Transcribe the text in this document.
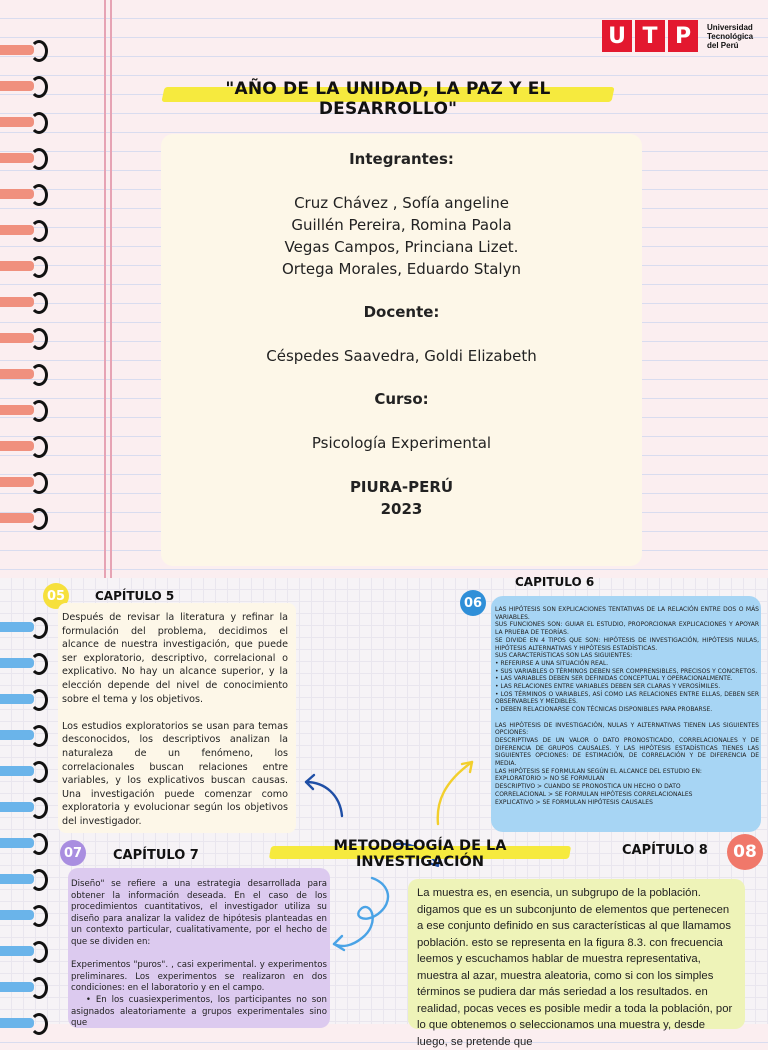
U T P	Universidad
Tecnológica
del Perú
"AÑO DE LA UNIDAD, LA PAZ Y EL DESARROLLO"

Integrantes:

Cruz Chávez , Sofía angeline

Guillén Pereira, Romina Paola

Vegas Campos, Princiana Lizet.

Ortega Morales, Eduardo Stalyn

Docente:

Céspedes Saavedra, Goldi Elizabeth

Curso:

Psicología Experimental

PIURA-PERÚ

2023

05	CAPÍTULO 5

Después de revisar la literatura y refinar la formulación del problema, decidimos el alcance de nuestra investigación, que puede ser exploratorio, descriptivo, correlacional o explicativo. No hay un alcance superior, y la elección depende del nivel de conocimiento sobre el tema y los objetivos.

Los estudios exploratorios se usan para temas desconocidos, los descriptivos analizan la naturaleza de un fenómeno, los correlacionales buscan relaciones entre variables, y los explicativos buscan causas. Una investigación puede comenzar como exploratoria y evolucionar según los objetivos del investigador.

CAPITULO 6

LAS HIPÓTESIS SON EXPLICACIONES TENTATIVAS DE LA RELACIÓN ENTRE DOS O MÁS VARIABLES.

SUS FUNCIONES SON: GUIAR EL ESTUDIO, PROPORCIONAR EXPLICACIONES Y APOYAR LA PRUEBA DE TEORÍAS.

SE DIVIDE EN 4 TIPOS QUE SON: HIPÓTESIS DE INVESTIGACIÓN, HIPÓTESIS NULAS, HIPÓTESIS ALTERNATIVAS Y HIPÓTESIS ESTADÍSTICAS.

SUS CARACTERÍSTICAS SON LAS SIGUIENTES:

• REFERIRSE A UNA SITUACIÓN REAL.

• SUS VARIABLES O TÉRMINOS DEBEN SER COMPRENSIBLES, PRECISOS Y CONCRETOS.

• LAS VARIABLES DEBEN SER DEFINIDAS CONCEPTUAL Y OPERACIONALMENTE.

• LAS RELACIONES ENTRE VARIABLES DEBEN SER CLARAS Y VEROSÍMILES.

• LOS TÉRMINOS O VARIABLES, ASÍ COMO LAS RELACIONES ENTRE ELLAS, DEBEN SER OBSERVABLES Y MEDIBLES.

• DEBEN RELACIONARSE CON TÉCNICAS DISPONIBLES PARA PROBARSE.

LAS HIPÓTESIS DE INVESTIGACIÓN, NULAS Y ALTERNATIVAS TIENEN LAS SIGUIENTES OPCIONES:

DESCRIPTIVAS DE UN VALOR O DATO PRONOSTICADO, CORRELACIONALES Y DE DIFERENCIA DE GRUPOS CAUSALES. Y LAS HIPÓTESIS ESTADÍSTICAS TIENES LAS SIGUIENTES OPCIONES: DE ESTIMACIÓN, DE CORRELACIÓN Y DE DIFERENCIA DE MEDIA.

LAS HIPÓTESIS SE FORMULAN SEGÚN EL ALCANCE DEL ESTUDIO EN:

EXPLORATORIO > NO SE FORMULAN

DESCRIPTIVO > CUANDO SE PRONOSTICA UN HECHO O DATO

CORRELACIONAL > SE FORMULAN HIPÓTESIS CORRELACIONALES

EXPLICATIVO > SE FORMULAN HIPÓTESIS CAUSALES

06
METODOLOGÍA DE LA INVESTIGACIÓN
07	CAPÍTULO 7

Diseño" se refiere a una estrategia desarrollada para obtener la información deseada. En el caso de los procedimientos cuantitativos, el investigador utiliza su diseño para analizar la validez de hipótesis planteadas en un contexto particular, cualitativamente, por el hecho de que se dividen en:

Experimentos "puros". , casi experimental. y experimentos preliminares. Los experimentos se realizaron en dos condiciones: en el laboratorio y en el campo.

• En los cuasiexperimentos, los participantes no son asignados aleatoriamente a grupos experimentales sino que

CAPÍTULO 8	08
La muestra es, en esencia, un subgrupo de la población. digamos que es un subconjunto de elementos que pertenecen a ese conjunto definido en sus características al que llamamos población. esto se representa en la figura 8.3. con frecuencia leemos y escuchamos hablar de muestra representativa, muestra al azar, muestra aleatoria, como si con los simples términos se pudiera dar más seriedad a los resultados. en realidad, pocas veces es posible medir a toda la población, por lo que obtenemos o seleccionamos una muestra y, desde luego, se pretende que
